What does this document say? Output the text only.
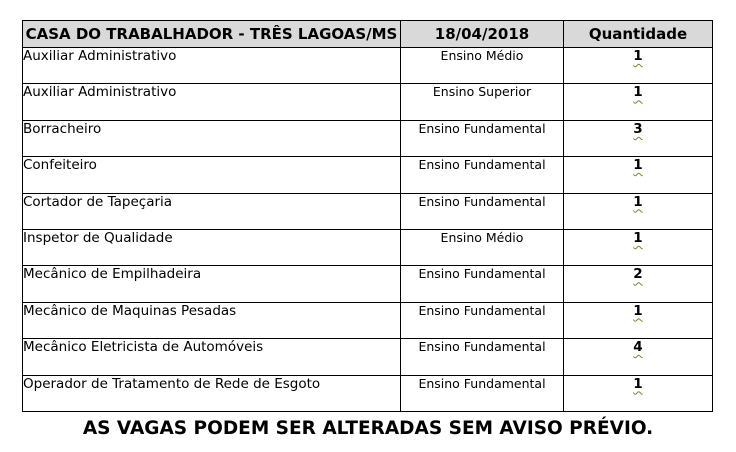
CASA DO TRABALHADOR - TRÊS LAGOAS/MS	18/04/2018	Quantidade
Auxiliar Administrativo	Ensino Médio	1
Auxiliar Administrativo	Ensino Superior	1
Borracheiro	Ensino Fundamental	3
Confeiteiro	Ensino Fundamental	1
Cortador de Tapeçaria	Ensino Fundamental	1
Inspetor de Qualidade	Ensino Médio	1
Mecânico de Empilhadeira	Ensino Fundamental	2
Mecânico de Maquinas Pesadas	Ensino Fundamental	1
Mecânico Eletricista de Automóveis	Ensino Fundamental	4
Operador de Tratamento de Rede de Esgoto	Ensino Fundamental	1
AS VAGAS PODEM SER ALTERADAS SEM AVISO PRÉVIO.
